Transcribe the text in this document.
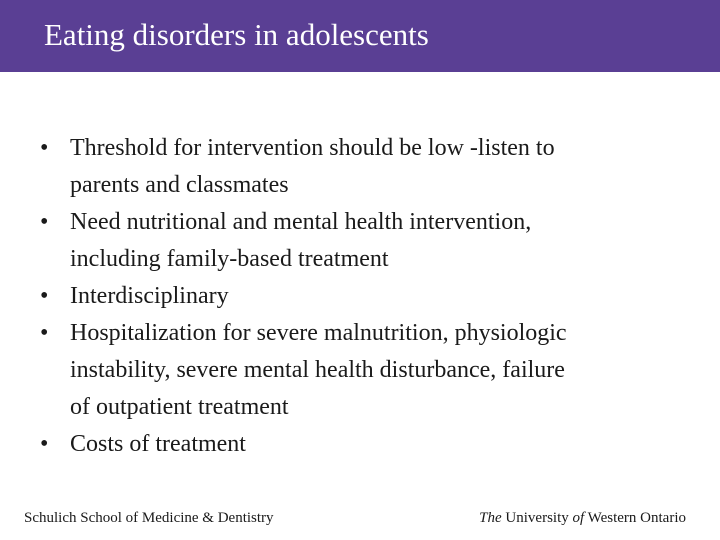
Eating disorders in adolescents
• Threshold for intervention should be low -listen to
parents and classmates
• Need nutritional and mental health intervention,
including family-based treatment
• Interdisciplinary
• Hospitalization for severe malnutrition, physiologic
instability, severe mental health disturbance, failure
of outpatient treatment
• Costs of treatment
Schulich School of Medicine & Dentistry	The University of Western Ontario
